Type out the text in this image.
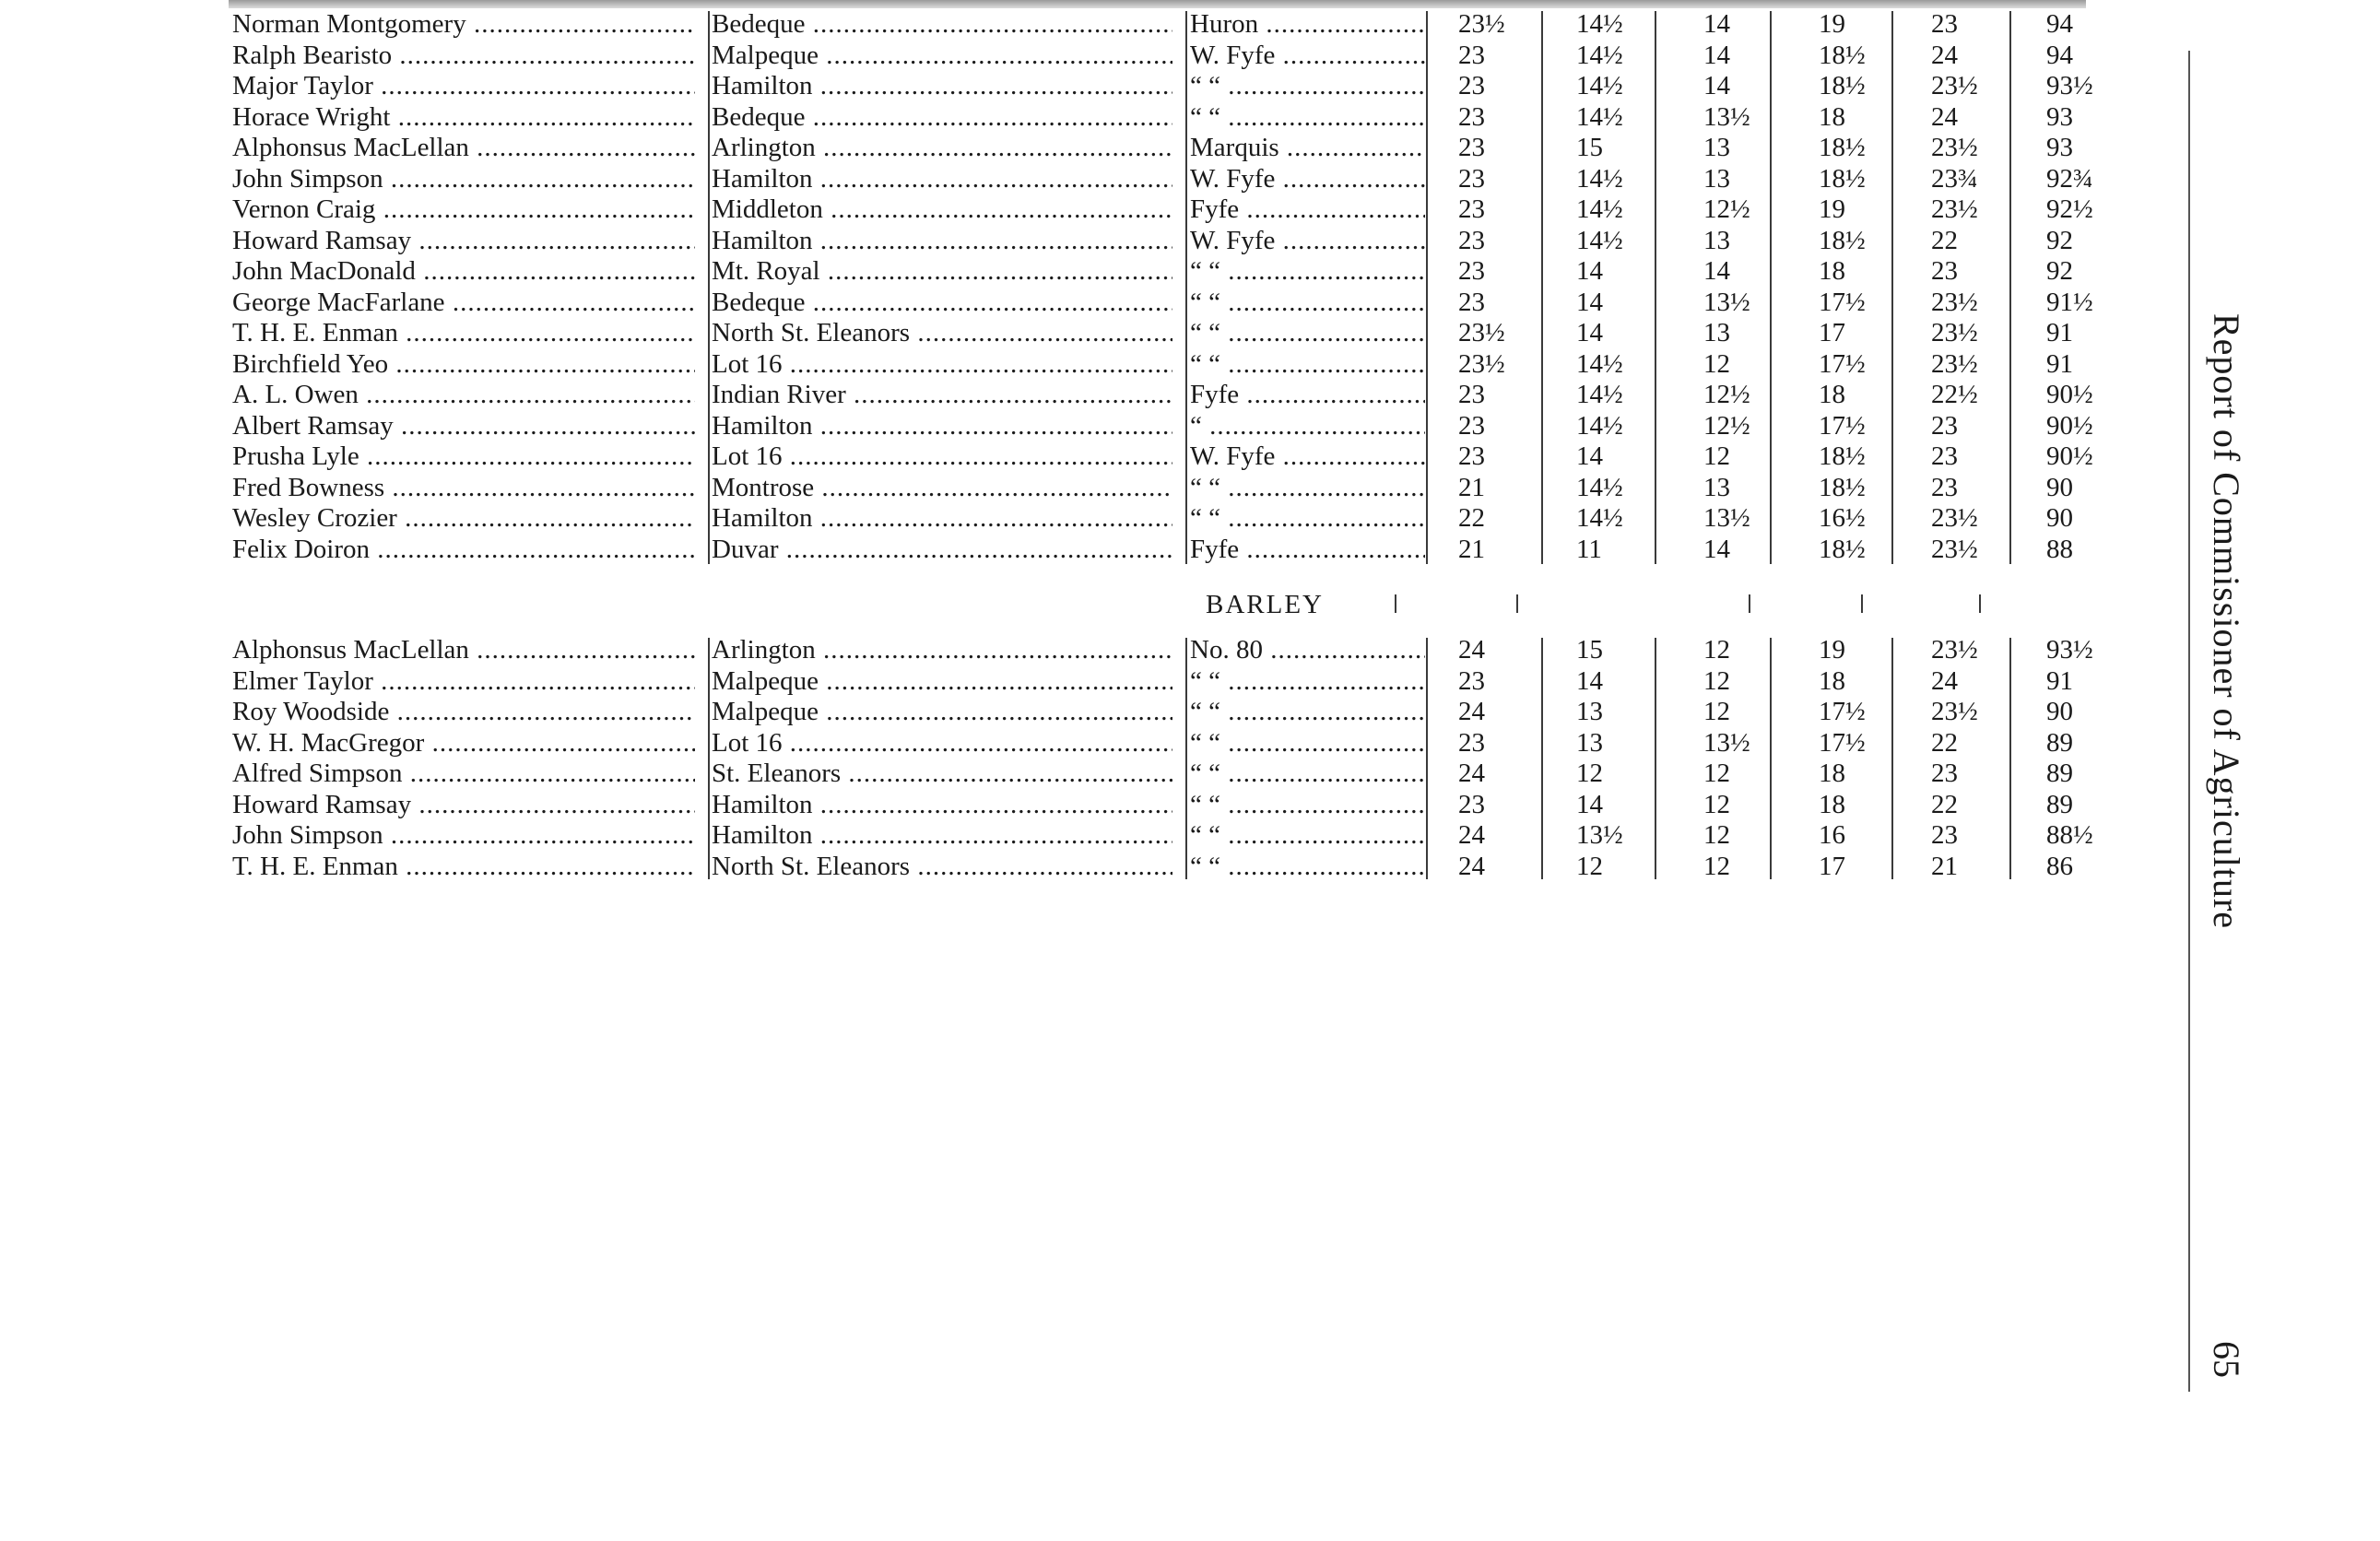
Norman Montgomery .....	Bedeque .....	Huron .....	23½	14½	14	19	23	94
Ralph Bearisto .....	Malpeque .....	W. Fyfe .....	23	14½	14	18½	24	94
Major Taylor .....	Hamilton .....	“ “ .....	23	14½	14	18½	23½	93½
Horace Wright .....	Bedeque .....	“ “ .....	23	14½	13½	18	24	93
Alphonsus MacLellan .....	Arlington .....	Marquis .....	23	15	13	18½	23½	93
John Simpson .....	Hamilton .....	W. Fyfe .....	23	14½	13	18½	23¾	92¾
Vernon Craig .....	Middleton .....	Fyfe .....	23	14½	12½	19	23½	92½
Howard Ramsay .....	Hamilton .....	W. Fyfe .....	23	14½	13	18½	22	92
John MacDonald .....	Mt. Royal .....	“ “ .....	23	14	14	18	23	92
George MacFarlane .....	Bedeque .....	“ “ .....	23	14	13½	17½	23½	91½
T. H. E. Enman .....	North St. Eleanors .....	“ “ .....	23½	14	13	17	23½	91
Birchfield Yeo .....	Lot 16 .....	“ “ .....	23½	14½	12	17½	23½	91
A. L. Owen .....	Indian River .....	Fyfe .....	23	14½	12½	18	22½	90½
Albert Ramsay .....	Hamilton .....	“ .....	23	14½	12½	17½	23	90½
Prusha Lyle .....	Lot 16 .....	W. Fyfe .....	23	14	12	18½	23	90½
Fred Bowness .....	Montrose .....	“ “ .....	21	14½	13	18½	23	90
Wesley Crozier .....	Hamilton .....	“ “ .....	22	14½	13½	16½	23½	90
Felix Doiron .....	Duvar .....	Fyfe .....	21	11	14	18½	23½	88
Alphonsus MacLellan .....	Arlington .....	No. 80 .....	24	15	12	19	23½	93½
Elmer Taylor .....	Malpeque .....	“ “ .....	23	14	12	18	24	91
Roy Woodside .....	Malpeque .....	“ “ .....	24	13	12	17½	23½	90
W. H. MacGregor .....	Lot 16 .....	“ “ .....	23	13	13½	17½	22	89
Alfred Simpson .....	St. Eleanors .....	“ “ .....	24	12	12	18	23	89
Howard Ramsay .....	Hamilton .....	“ “ .....	23	14	12	18	22	89
John Simpson .....	Hamilton .....	“ “ .....	24	13½	12	16	23	88½
T. H. E. Enman .....	North St. Eleanors .....	“ “ .....	24	12	12	17	21	86
BARLEY	Report of Commissioner of Agriculture
65
